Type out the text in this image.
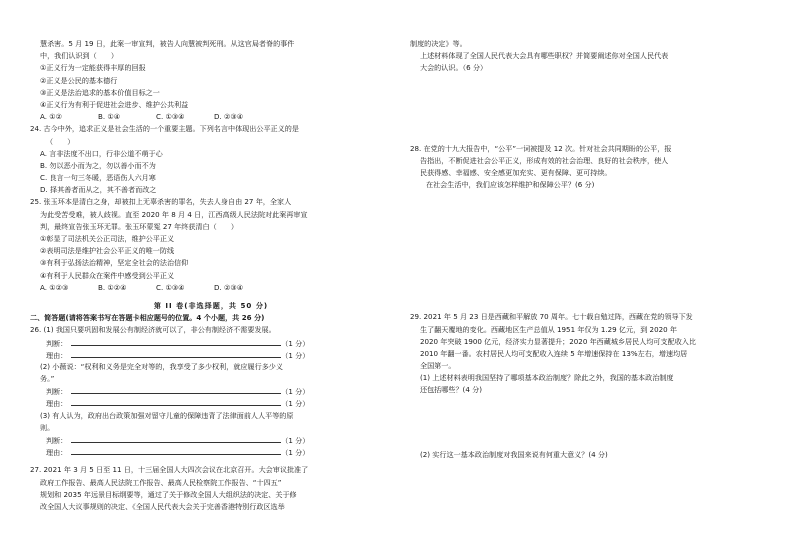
慧杀害。5 月 19 日，此案一审宣判，被告人向慧被判死刑。从这官局者脊的事件
中，我们认识到（　　）
①正义行为一定能获得丰厚的回报
②正义是公民的基本德行
③正义是法治追求的基本价值目标之一
④正义行为有利于促进社会进步、维护公共利益
A. ①②	B. ①④	C. ①③④	D. ②③④
24. 古今中外，追求正义是社会生活的一个重要主题。下列名言中体现出公平正义的是
（　　）
A. 言非法度不出口，行非公道不萌于心
B. 勿以恶小而为之，勿以善小而不为
C. 良言一句三冬暖，恶语伤人六月寒
D. 择其善者而从之，其不善者而改之
25. 张玉环本是清白之身，却被扣上无辜杀害的罪名，失去人身自由 27 年，全家人
为此受苦受难，被人歧视。直至 2020 年 8 月 4 日，江西高级人民法院对此案再审宣
判，最终宣告张玉环无罪。张玉环蒙冤 27 年终获清白（　　）
①彰显了司法机关公正司法，维护公平正义
②表明司法是维护社会公平正义的唯一防线
③有利于弘扬法治精神，坚定全社会的法治信仰
④有利于人民群众在案件中感受到公平正义
A. ①②③	B. ①②④	C. ①③④	D. ②③④
第 II 卷(非选择题，共 50 分)
二、简答题(请将答案书写在答题卡相应题号的位置。4 个小题，共 26 分)
26. (1) 我国只要巩固和发展公有制经济就可以了，非公有制经济不需要发展。
判断：	（1 分）
理由：	（1 分）
(2) 小薇说：“权利和义务是完全对等的，我享受了多少权利，就应履行多少义
务。”
判断：	（1 分）
理由：	（1 分）
(3) 有人认为，政府出台政策加强对留守儿童的保障违背了法律面前人人平等的原
则。
判断：	（1 分）
理由：	（1 分）
27. 2021 年 3 月 5 日至 11 日，十三届全国人大四次会议在北京召开。大会审议批准了
政府工作报告、最高人民法院工作报告、最高人民检察院工作报告、“十四五”
规划和 2035 年远景目标纲要等，通过了关于修改全国人大组织法的决定、关于修
改全国人大议事规则的决定、《全国人民代表大会关于完善香港特别行政区选举
制度的决定》等。
上述材料体现了全国人民代表大会具有哪些职权？并简要阐述你对全国人民代表
大会的认识。（6 分）
28. 在党的十九大报告中，“公平”一词被提及 12 次。针对社会共同期盼的公平，报
告指出，不断促进社会公平正义，形成有效的社会治理、良好的社会秩序，使人
民获得感、幸福感、安全感更加充实、更有保障、更可持续。
在社会生活中，我们应该怎样维护和保障公平？(6 分)
29. 2021 年 5 月 23 日是西藏和平解放 70 周年。七十载自勉过阵，西藏在党的领导下发
生了翻天覆地的变化。西藏地区生产总值从 1951 年仅为 1.29 亿元，到 2020 年
2020 年突破 1900 亿元，经济实力显著提升；2020 年西藏城乡居民人均可支配收入比
2010 年翻一番。农村居民人均可支配收入连续 5 年增速保持在 13%左右，增速均居
全国第一。
(1) 上述材料表明我国坚持了哪项基本政治制度？除此之外，我国的基本政治制度
还包括哪些？(4 分)
(2) 实行这一基本政治制度对我国来说有何重大意义？(4 分)
